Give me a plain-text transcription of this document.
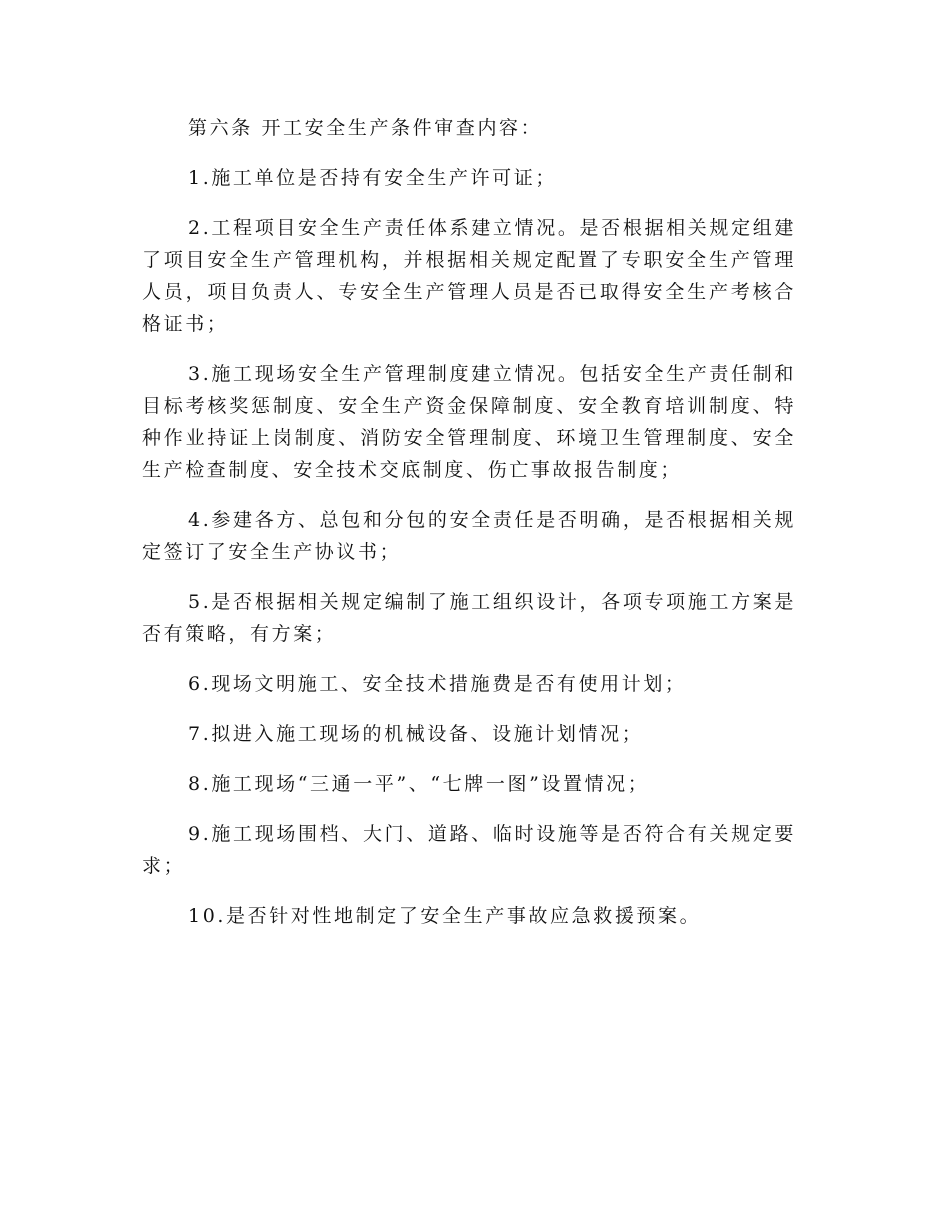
第六条 开工安全生产条件审查内容：

1.施工单位是否持有安全生产许可证；

2.工程项目安全生产责任体系建立情况。是否根据相关规定组建了项目安全生产管理机构，并根据相关规定配置了专职安全生产管理人员，项目负责人、专安全生产管理人员是否已取得安全生产考核合格证书；

3.施工现场安全生产管理制度建立情况。包括安全生产责任制和目标考核奖惩制度、安全生产资金保障制度、安全教育培训制度、特种作业持证上岗制度、消防安全管理制度、环境卫生管理制度、安全生产检查制度、安全技术交底制度、伤亡事故报告制度；

4.参建各方、总包和分包的安全责任是否明确，是否根据相关规定签订了安全生产协议书；

5.是否根据相关规定编制了施工组织设计，各项专项施工方案是否有策略，有方案；

6.现场文明施工、安全技术措施费是否有使用计划；

7.拟进入施工现场的机械设备、设施计划情况；

8.施工现场“三通一平”、“七牌一图”设置情况；

9.施工现场围档、大门、道路、临时设施等是否符合有关规定要求；

10.是否针对性地制定了安全生产事故应急救援预案。
